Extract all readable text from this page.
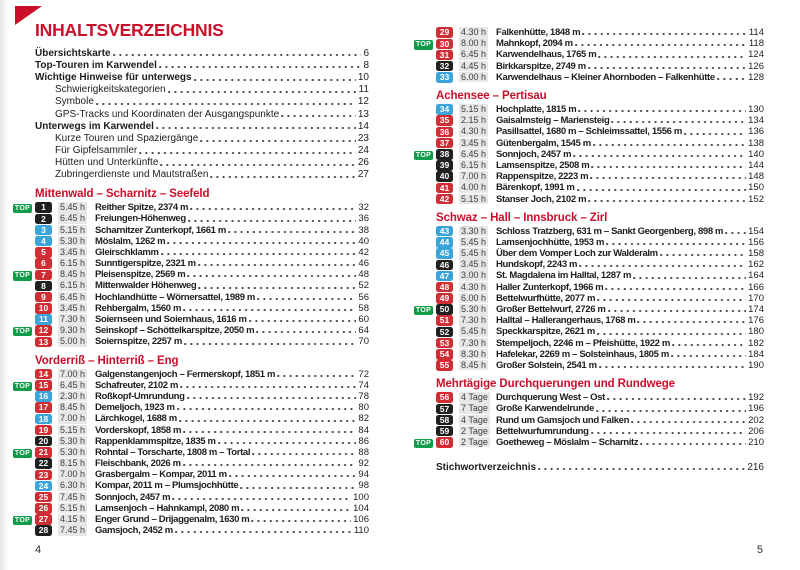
INHALTSVERZEICHNIS
Übersichtskarte	6
Top-Touren im Karwendel	8
Wichtige Hinweise für unterwegs	10
Schwierigkeitskategorien	11
Symbole	12
GPS-Tracks und Koordinaten der Ausgangspunkte	13
Unterwegs im Karwendel	14
Kurze Touren und Spaziergänge	23
Für Gipfelsammler	24
Hütten und Unterkünfte	26
Zubringerdienste und Mautstraßen	27
Mittenwald – Scharnitz – Seefeld
TOP	1	5.45 h	Reither Spitze, 2374 m	32
2	6.45 h	Freiungen-Höhenweg	36
3	5.15 h	Scharnitzer Zunterkopf, 1661 m	38
4	5.30 h	Möslalm, 1262 m	40
5	3.45 h	Gleirschklamm	42
6	6.15 h	Sunntigerspitze, 2321 m	46
TOP	7	8.45 h	Pleisenspitze, 2569 m	48
8	6.15 h	Mittenwalder Höhenweg	52
9	6.45 h	Hochlandhütte – Wörnersattel, 1989 m	56
10	3.45 h	Rehbergalm, 1560 m	58
11	7.30 h	Soiernseen und Soiernhaus, 1616 m	60
TOP	12	9.30 h	Seinskopf – Schöttelkarspitze, 2050 m	64
13	5.00 h	Soiernspitze, 2257 m	70
Vorderriß – Hinterriß – Eng
14	7.00 h	Galgenstangenjoch – Fermerskopf, 1851 m	72
TOP	15	6.45 h	Schafreuter, 2102 m	74
16	2.30 h	Roßkopf-Umrundung	78
17	8.45 h	Demeljoch, 1923 m	80
18	7.00 h	Lärchkogel, 1688 m	82
19	5.15 h	Vorderskopf, 1858 m	84
20	5.30 h	Rappenklammspitze, 1835 m	86
TOP	21	5.30 h	Rohntal – Torscharte, 1808 m – Tortal	88
22	8.15 h	Fleischbank, 2026 m	92
23	7.00 h	Grasbergalm – Kompar, 2011 m	94
24	6.30 h	Kompar, 2011 m – Plumsjochhütte	98
25	7.45 h	Sonnjoch, 2457 m	100
26	5.15 h	Lamsenjoch – Hahnkampl, 2080 m	104
TOP	27	4.15 h	Enger Grund – Drijaggenalm, 1630 m	106
28	7.45 h	Gamsjoch, 2452 m	110
29	4.30 h	Falkenhütte, 1848 m	114
TOP	30	8.00 h	Mahnkopf, 2094 m	118
31	6.45 h	Karwendelhaus, 1765 m	124
32	4.45 h	Birkkarspitze, 2749 m	126
33	6.00 h	Karwendelhaus – Kleiner Ahornboden – Falkenhütte	128
Achensee – Pertisau
34	5.15 h	Hochplatte, 1815 m	130
35	2.15 h	Gaisalmsteig – Mariensteig	134
36	4.30 h	Pasillsattel, 1680 m – Schleimssattel, 1556 m	136
37	3.45 h	Gütenbergalm, 1545 m	138
TOP	38	6.45 h	Sonnjoch, 2457 m	140
39	6.15 h	Lamsenspitze, 2508 m	144
40	7.00 h	Rappenspitze, 2223 m	148
41	4.00 h	Bärenkopf, 1991 m	150
42	5.15 h	Stanser Joch, 2102 m	152
Schwaz – Hall – Innsbruck – Zirl
43	3.30 h	Schloss Tratzberg, 631 m – Sankt Georgenberg, 898 m	154
44	5.45 h	Lamsenjochhütte, 1953 m	156
45	5.45 h	Über dem Vomper Loch zur Walderalm	158
46	3.45 h	Hundskopf, 2243 m	162
47	3.00 h	St. Magdalena im Halltal, 1287 m	164
48	4.30 h	Haller Zunterkopf, 1966 m	166
49	6.00 h	Bettelwurfhütte, 2077 m	170
TOP	50	5.30 h	Großer Bettelwurf, 2726 m	174
51	7.30 h	Halltal – Hallerangerhaus, 1768 m	176
52	5.45 h	Speckkarspitze, 2621 m	180
53	7.30 h	Stempeljoch, 2246 m – Pfeishütte, 1922 m	182
54	8.30 h	Hafelekar, 2269 m – Solsteinhaus, 1805 m	184
55	8.45 h	Großer Solstein, 2541 m	190
Mehrtägige Durchquerungen und Rundwege
56	4 Tage Durchquerung West – Ost	192
57	7 Tage Große Karwendelrunde	196
58	4 Tage Rund um Gamsjoch und Falken	202
59	2 Tage Bettelwurfumrundung	206
TOP	60	2 Tage Goetheweg – Möslalm – Scharnitz	210
Stichwortverzeichnis	216
4	5
